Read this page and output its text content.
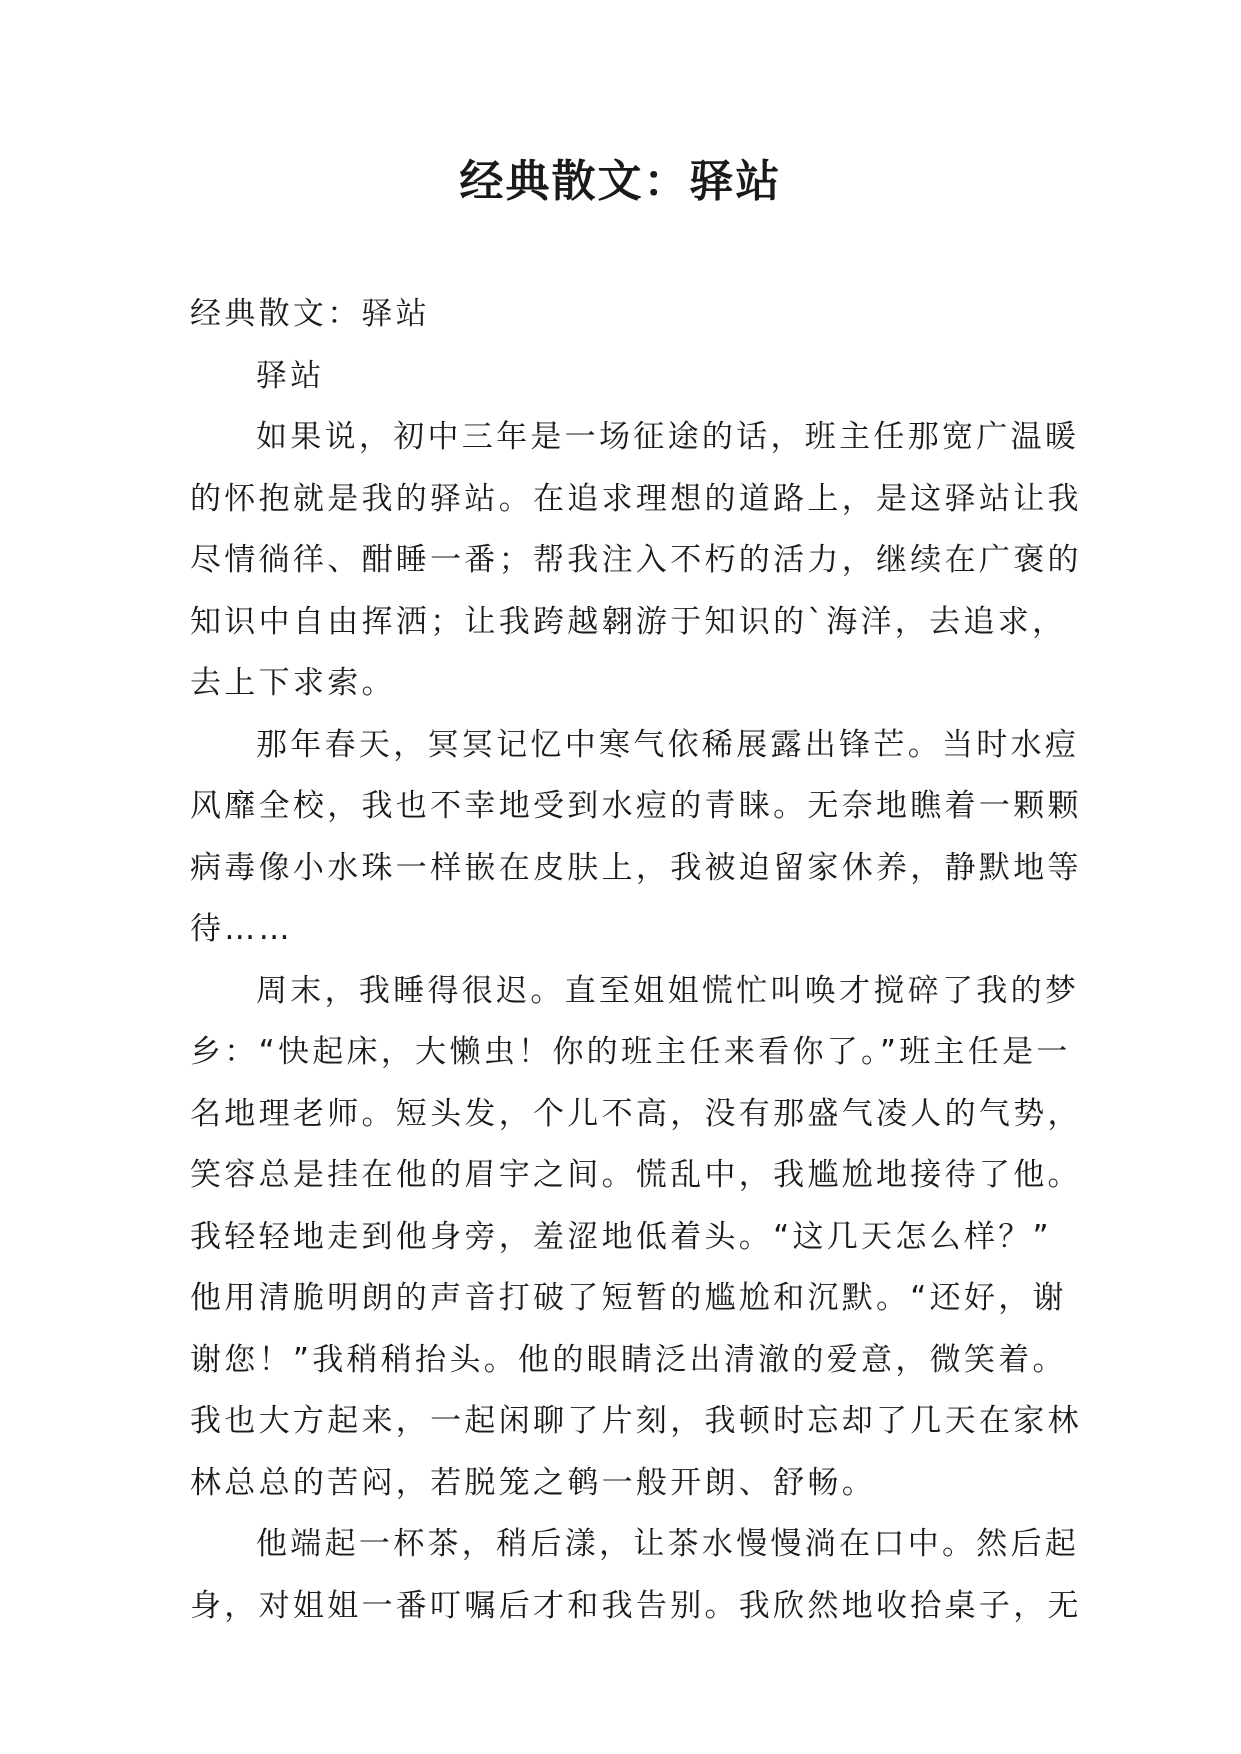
经典散文：驿站
经典散文：驿站
驿站
如果说，初中三年是一场征途的话，班主任那宽广温暖
的怀抱就是我的驿站。在追求理想的道路上，是这驿站让我
尽情徜徉、酣睡一番；帮我注入不朽的活力，继续在广褒的
知识中自由挥洒；让我跨越翱游于知识的`海洋，去追求，
去上下求索。
那年春天，冥冥记忆中寒气依稀展露出锋芒。当时水痘
风靡全校，我也不幸地受到水痘的青睐。无奈地瞧着一颗颗
病毒像小水珠一样嵌在皮肤上，我被迫留家休养，静默地等
待……
周末，我睡得很迟。直至姐姐慌忙叫唤才搅碎了我的梦
乡：“快起床，大懒虫！你的班主任来看你了。”班主任是一
名地理老师。短头发，个儿不高，没有那盛气凌人的气势，
笑容总是挂在他的眉宇之间。慌乱中，我尴尬地接待了他。
我轻轻地走到他身旁，羞涩地低着头。“这几天怎么样？”
他用清脆明朗的声音打破了短暂的尴尬和沉默。“还好，谢
谢您！”我稍稍抬头。他的眼睛泛出清澈的爱意，微笑着。
我也大方起来，一起闲聊了片刻，我顿时忘却了几天在家林
林总总的苦闷，若脱笼之鹌一般开朗、舒畅。
他端起一杯茶，稍后漾，让茶水慢慢淌在口中。然后起
身，对姐姐一番叮嘱后才和我告别。我欣然地收拾桌子，无
